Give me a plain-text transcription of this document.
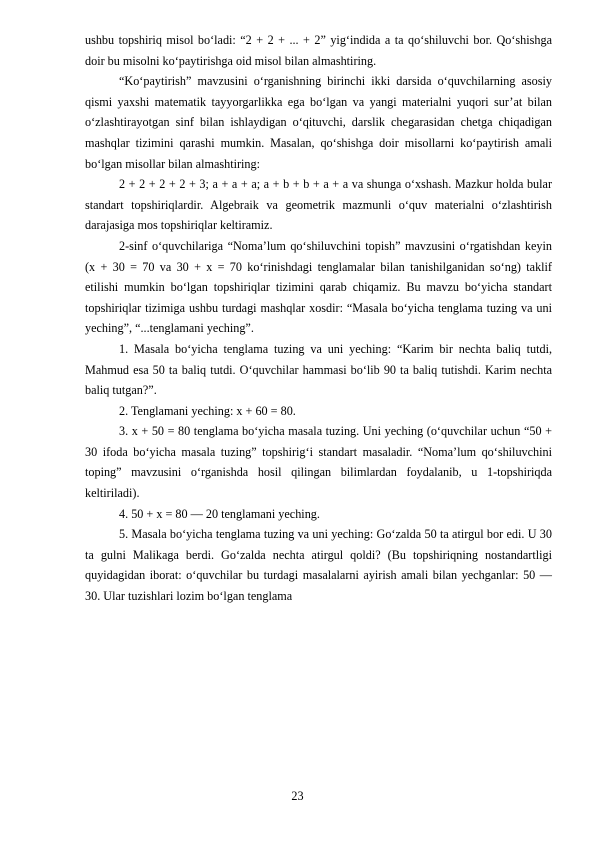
ushbu topshiriq misol bo‘ladi: “2 + 2 + ... + 2” yig‘indida a ta qo‘shiluvchi bor. Qo‘shishga doir bu misolni ko‘paytirishga oid misol bilan almashtiring.

“Ko‘paytirish” mavzusini o‘rganishning birinchi ikki darsida o‘quvchilarning asosiy qismi yaxshi matematik tayyorgarlikka ega bo‘lgan va yangi materialni yuqori sur’at bilan o‘zlashtirayotgan sinf bilan ishlaydigan o‘qituvchi, darslik chegarasidan chetga chiqadigan mashqlar tizimini qarashi mumkin. Masalan, qo‘shishga doir misollarni ko‘paytirish amali bo‘lgan misollar bilan almashtiring:

2 + 2 + 2 + 2 + 3; a + a + a; a + b + b + a + a va shunga o‘xshash. Mazkur holda bular standart topshiriqlardir. Algebraik va geometrik mazmunli o‘quv materialni o‘zlashtirish darajasiga mos topshiriqlar keltiramiz.

2-sinf o‘quvchilariga “Noma’lum qo‘shiluvchini topish” mavzusini o‘rgatishdan keyin (x + 30 = 70 va 30 + x = 70 ko‘rinishdagi tenglamalar bilan tanishilganidan so‘ng) taklif etilishi mumkin bo‘lgan topshiriqlar tizimini qarab chiqamiz. Bu mavzu bo‘yicha standart topshiriqlar tizimiga ushbu turdagi mashqlar xosdir: “Masala bo‘yicha tenglama tuzing va uni yeching”, “...tenglamani yeching”.

1. Masala bo‘yicha tenglama tuzing va uni yeching: “Karim bir nechta baliq tutdi, Mahmud esa 50 ta baliq tutdi. O‘quvchilar hammasi bo‘lib 90 ta baliq tutishdi. Karim nechta baliq tutgan?”.

2. Tenglamani yeching: x + 60 = 80.

3. x + 50 = 80 tenglama bo‘yicha masala tuzing. Uni yeching (o‘quvchilar uchun “50 + 30 ifoda bo‘yicha masala tuzing” topshirig‘i standart masaladir. “Noma’lum qo‘shiluvchini toping” mavzusini o‘rganishda hosil qilingan bilimlardan foydalanib, u 1-topshiriqda keltiriladi).

4. 50 + x = 80 — 20 tenglamani yeching.

5. Masala bo‘yicha tenglama tuzing va uni yeching: Go‘zalda 50 ta atirgul bor edi. U 30 ta gulni Malikaga berdi. Go‘zalda nechta atirgul qoldi? (Bu topshiriqning nostandartligi quyidagidan iborat: o‘quvchilar bu turdagi masalalarni ayirish amali bilan yechganlar: 50 — 30. Ular tuzishlari lozim bo‘lgan tenglama

23
